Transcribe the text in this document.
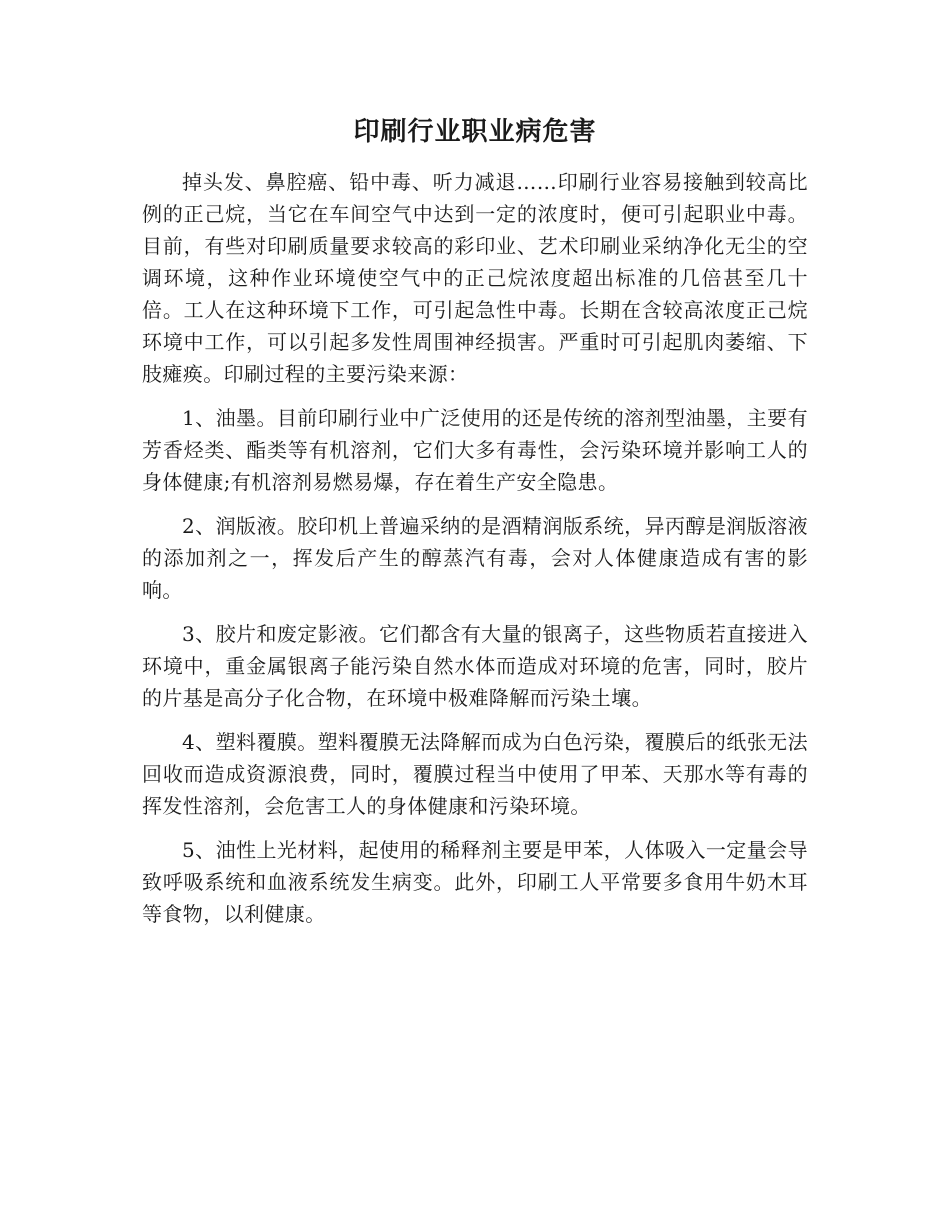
印刷行业职业病危害

掉头发、鼻腔癌、铅中毒、听力减退……印刷行业容易接触到较高比例的正己烷，当它在车间空气中达到一定的浓度时，便可引起职业中毒。目前，有些对印刷质量要求较高的彩印业、艺术印刷业采纳净化无尘的空调环境，这种作业环境使空气中的正己烷浓度超出标准的几倍甚至几十倍。工人在这种环境下工作，可引起急性中毒。长期在含较高浓度正己烷环境中工作，可以引起多发性周围神经损害。严重时可引起肌肉萎缩、下肢瘫痪。印刷过程的主要污染来源：

1、油墨。目前印刷行业中广泛使用的还是传统的溶剂型油墨，主要有芳香烃类、酯类等有机溶剂，它们大多有毒性，会污染环境并影响工人的身体健康;有机溶剂易燃易爆，存在着生产安全隐患。

2、润版液。胶印机上普遍采纳的是酒精润版系统，异丙醇是润版溶液的添加剂之一，挥发后产生的醇蒸汽有毒，会对人体健康造成有害的影响。

3、胶片和废定影液。它们都含有大量的银离子，这些物质若直接进入环境中，重金属银离子能污染自然水体而造成对环境的危害，同时，胶片的片基是高分子化合物，在环境中极难降解而污染土壤。

4、塑料覆膜。塑料覆膜无法降解而成为白色污染，覆膜后的纸张无法回收而造成资源浪费，同时，覆膜过程当中使用了甲苯、天那水等有毒的挥发性溶剂，会危害工人的身体健康和污染环境。

5、油性上光材料，起使用的稀释剂主要是甲苯，人体吸入一定量会导致呼吸系统和血液系统发生病变。此外，印刷工人平常要多食用牛奶木耳等食物，以利健康。
